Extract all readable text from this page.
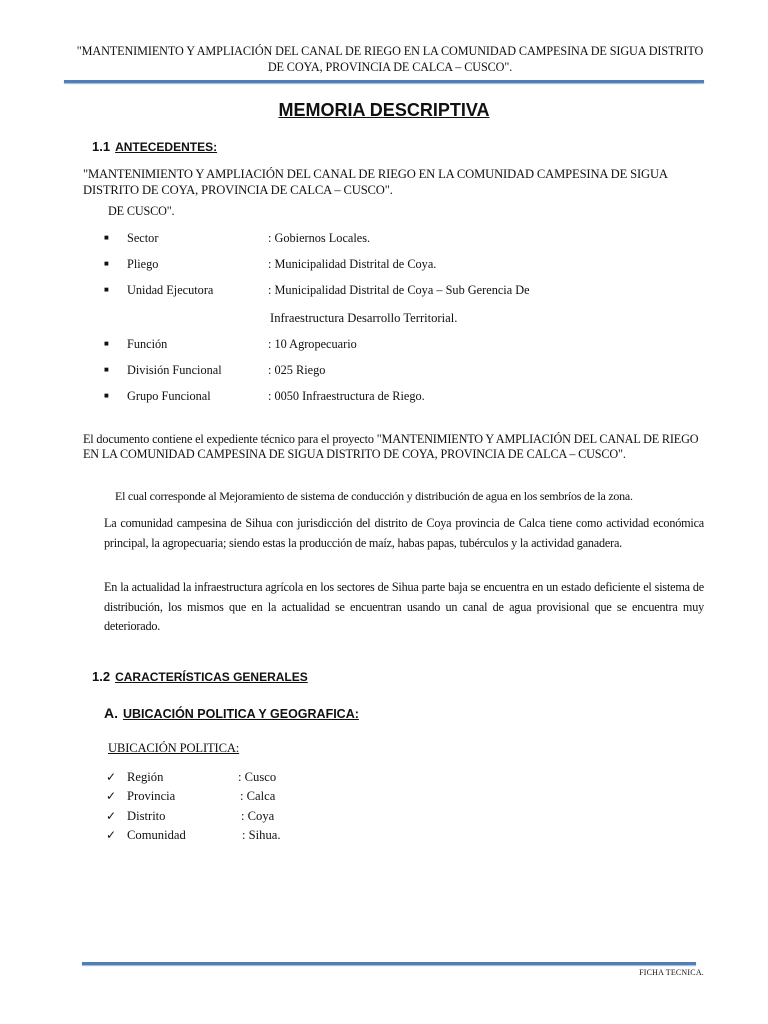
"MANTENIMIENTO Y AMPLIACIÓN DEL CANAL DE RIEGO EN LA COMUNIDAD CAMPESINA DE SIGUA DISTRITO DE COYA, PROVINCIA DE CALCA – CUSCO".
MEMORIA DESCRIPTIVA
1.1 ANTECEDENTES:
"MANTENIMIENTO Y AMPLIACIÓN DEL CANAL DE RIEGO EN LA COMUNIDAD CAMPESINA DE SIGUA DISTRITO DE COYA, PROVINCIA DE CALCA – CUSCO".
DE CUSCO".
■ Sector	: Gobiernos Locales.
■ Pliego	: Municipalidad Distrital de Coya.
■ Unidad Ejecutora	: Municipalidad Distrital de Coya – Sub Gerencia De
Infraestructura Desarrollo Territorial.
■ Función	: 10 Agropecuario
■ División Funcional	: 025 Riego
■ Grupo Funcional	: 0050 Infraestructura de Riego.
El documento contiene el expediente técnico para el proyecto "MANTENIMIENTO Y AMPLIACIÓN DEL CANAL DE RIEGO EN LA COMUNIDAD CAMPESINA DE SIGUA DISTRITO DE COYA, PROVINCIA DE CALCA – CUSCO".
El cual corresponde al Mejoramiento de sistema de conducción y distribución de agua en los sembríos de la zona.
La comunidad campesina de Sihua con jurisdicción del distrito de Coya provincia de Calca tiene como actividad económica principal, la agropecuaria; siendo estas la producción de maíz, habas papas, tubérculos y la actividad ganadera.
En la actualidad la infraestructura agrícola en los sectores de Sihua parte baja se encuentra en un estado deficiente el sistema de distribución, los mismos que en la actualidad se encuentran usando un canal de agua provisional que se encuentra muy deteriorado.
1.2 CARACTERÍSTICAS GENERALES
A. UBICACIÓN POLITICA Y GEOGRAFICA:
UBICACIÓN POLITICA:
✓ Región	: Cusco
✓ Provincia	: Calca
✓ Distrito	: Coya
✓ Comunidad	: Sihua.
FICHA TECNICA.
